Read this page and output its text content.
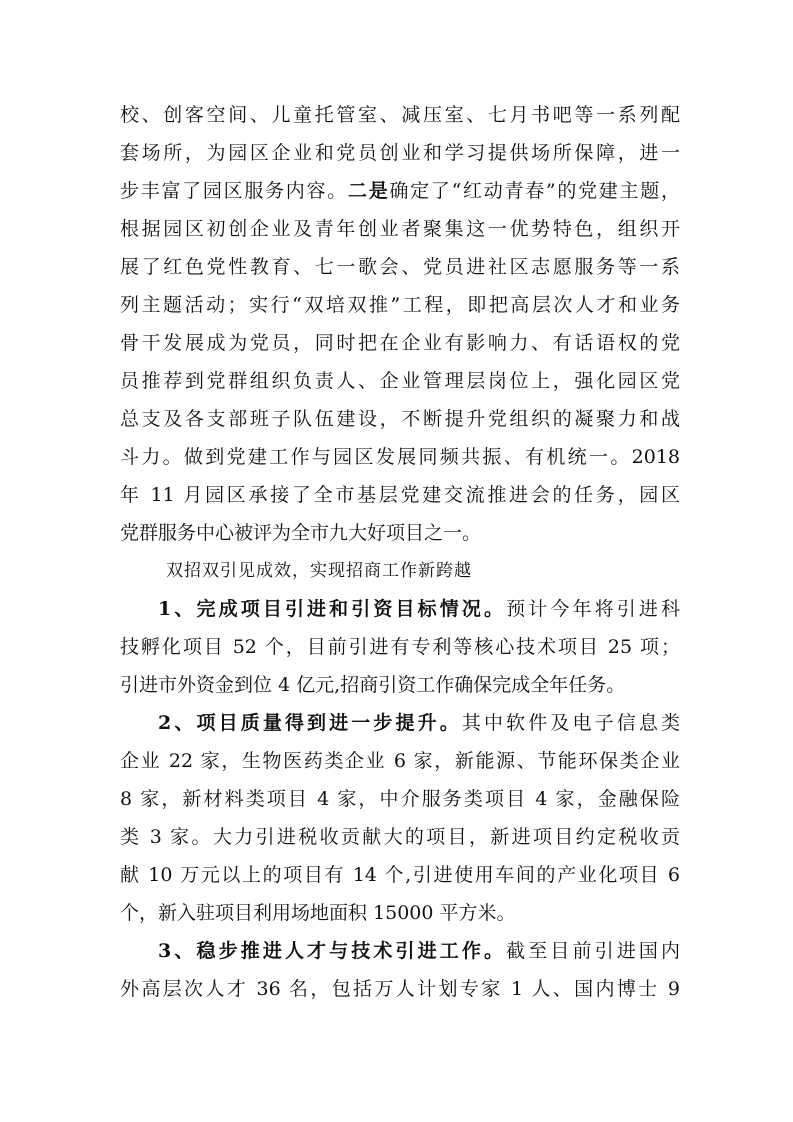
校、创客空间、儿童托管室、减压室、七月书吧等一系列配
套场所，为园区企业和党员创业和学习提供场所保障，进一
步丰富了园区服务内容。二是确定了“红动青春”的党建主题，
根据园区初创企业及青年创业者聚集这一优势特色，组织开
展了红色党性教育、七一歌会、党员进社区志愿服务等一系
列主题活动；实行“双培双推”工程，即把高层次人才和业务
骨干发展成为党员，同时把在企业有影响力、有话语权的党
员推荐到党群组织负责人、企业管理层岗位上，强化园区党
总支及各支部班子队伍建设，不断提升党组织的凝聚力和战
斗力。做到党建工作与园区发展同频共振、有机统一。2018
年 11 月园区承接了全市基层党建交流推进会的任务，园区
党群服务中心被评为全市九大好项目之一。
双招双引见成效，实现招商工作新跨越
1、完成项目引进和引资目标情况。预计今年将引进科
技孵化项目 52 个，目前引进有专利等核心技术项目 25 项；
引进市外资金到位 4 亿元,招商引资工作确保完成全年任务。
2、项目质量得到进一步提升。其中软件及电子信息类
企业 22 家，生物医药类企业 6 家，新能源、节能环保类企业
8 家，新材料类项目 4 家，中介服务类项目 4 家，金融保险
类 3 家。大力引进税收贡献大的项目，新进项目约定税收贡
献 10 万元以上的项目有 14 个,引进使用车间的产业化项目 6
个，新入驻项目利用场地面积 15000 平方米。
3、稳步推进人才与技术引进工作。截至目前引进国内
外高层次人才 36 名，包括万人计划专家 1 人、国内博士 9
